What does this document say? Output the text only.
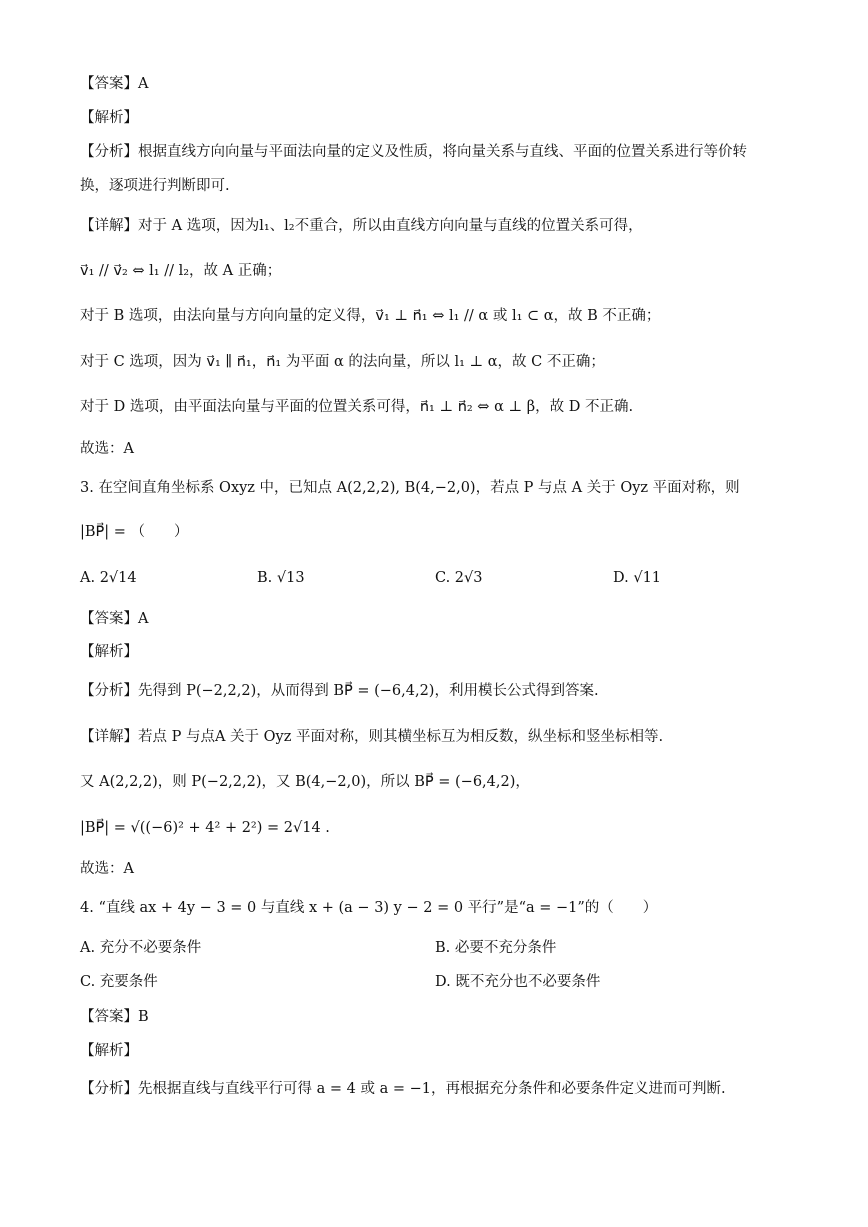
【答案】A
【解析】
【分析】根据直线方向向量与平面法向量的定义及性质，将向量关系与直线、平面的位置关系进行等价转
换，逐项进行判断即可.
【详解】对于 A 选项，因为l₁、l₂不重合，所以由直线方向向量与直线的位置关系可得，
v⃗₁ // v⃗₂ ⇔ l₁ // l₂，故 A 正确；
对于 B 选项，由法向量与方向向量的定义得，v⃗₁ ⊥ n⃗₁ ⇔ l₁ // α 或 l₁ ⊂ α，故 B 不正确；
对于 C 选项，因为 v⃗₁ ∥ n⃗₁，n⃗₁ 为平面 α 的法向量，所以 l₁ ⊥ α，故 C 不正确；
对于 D 选项，由平面法向量与平面的位置关系可得，n⃗₁ ⊥ n⃗₂ ⇔ α ⊥ β，故 D 不正确.
故选：A
3. 在空间直角坐标系 Oxyz 中，已知点 A(2,2,2), B(4,−2,0)，若点 P 与点 A 关于 Oyz 平面对称，则
|BP⃗| = （　　）
A. 2√14	B. √13	C. 2√3	D. √11
【答案】A
【解析】
【分析】先得到 P(−2,2,2)，从而得到 BP⃗ = (−6,4,2)，利用模长公式得到答案.
【详解】若点 P 与点A 关于 Oyz 平面对称，则其横坐标互为相反数，纵坐标和竖坐标相等.
又 A(2,2,2)，则 P(−2,2,2)，又 B(4,−2,0)，所以 BP⃗ = (−6,4,2)，
|BP⃗| = √((−6)² + 4² + 2²) = 2√14 .
故选：A
4. “直线 ax + 4y − 3 = 0 与直线 x + (a − 3) y − 2 = 0 平行”是“a = −1”的（　　）
A. 充分不必要条件	B. 必要不充分条件
C. 充要条件	D. 既不充分也不必要条件
【答案】B
【解析】
【分析】先根据直线与直线平行可得 a = 4 或 a = −1，再根据充分条件和必要条件定义进而可判断.
